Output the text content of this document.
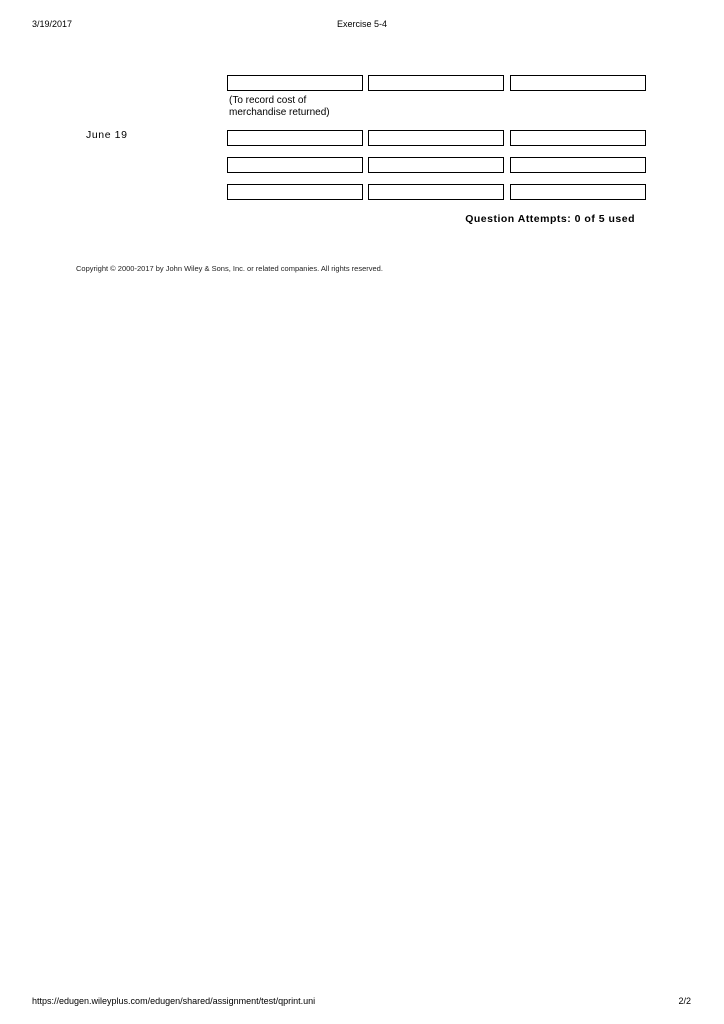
3/19/2017	Exercise 5-4
(To record cost of
merchandise returned)
June 19
Question Attempts: 0 of 5 used
Copyright © 2000-2017 by John Wiley & Sons, Inc. or related companies. All rights reserved.
https://edugen.wileyplus.com/edugen/shared/assignment/test/qprint.uni	2/2
